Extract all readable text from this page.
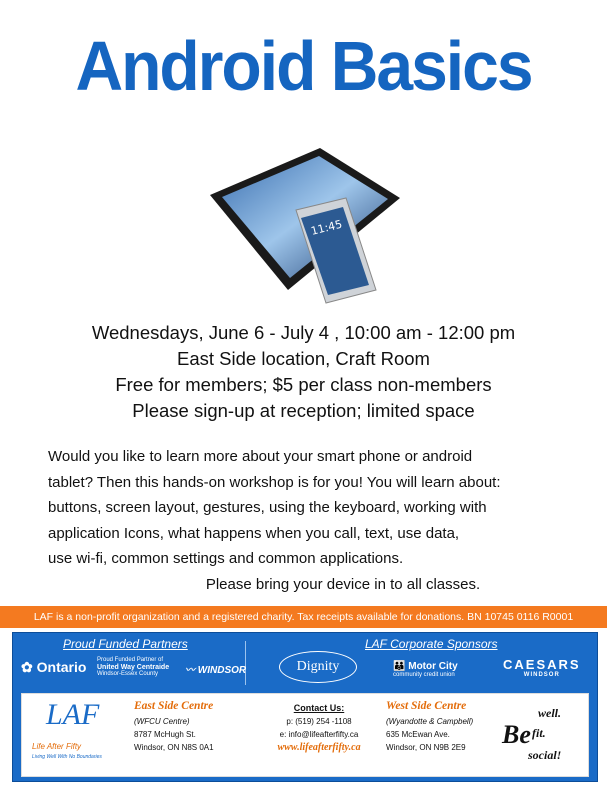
Android Basics
11:45
Wednesdays, June 6 - July 4 , 10:00 am - 12:00 pm
East Side location, Craft Room
Free for members; $5 per class non-members
Please sign-up at reception; limited space

Would you like to learn more about your smart phone or android

tablet? Then this hands-on workshop is for you! You will learn about:

buttons, screen layout, gestures, using the keyboard, working with

application Icons, what happens when you call, text, use data,

use wi-fi, common settings and common applications.

Please bring your device in to all classes.

LAF is a non-profit organization and a registered charity. Tax receipts available for donations. BN 10745 0116 R0001
Proud Funded Partners	LAF Corporate Sponsors
✿ Ontario Proud Funded Partner of
United Way Centraide
Windsor-Essex County	〰 WINDSOR	Dignity	👪 Motor City
community credit union
CAESARS
WINDSOR
LAF
Life After Fifty
Living Well With No Boundaries
East Side Centre
(WFCU Centre)
8787 McHugh St.
Windsor, ON N8S 0A1
Contact Us:
p: (519) 254 -1108
e: info@lifeafterfifty.ca
www.lifeafterfifty.ca
West Side Centre
(Wyandotte & Campbell)
635 McEwan Ave.
Windsor, ON N9B 2E9	Be
well.
fit.
social!
